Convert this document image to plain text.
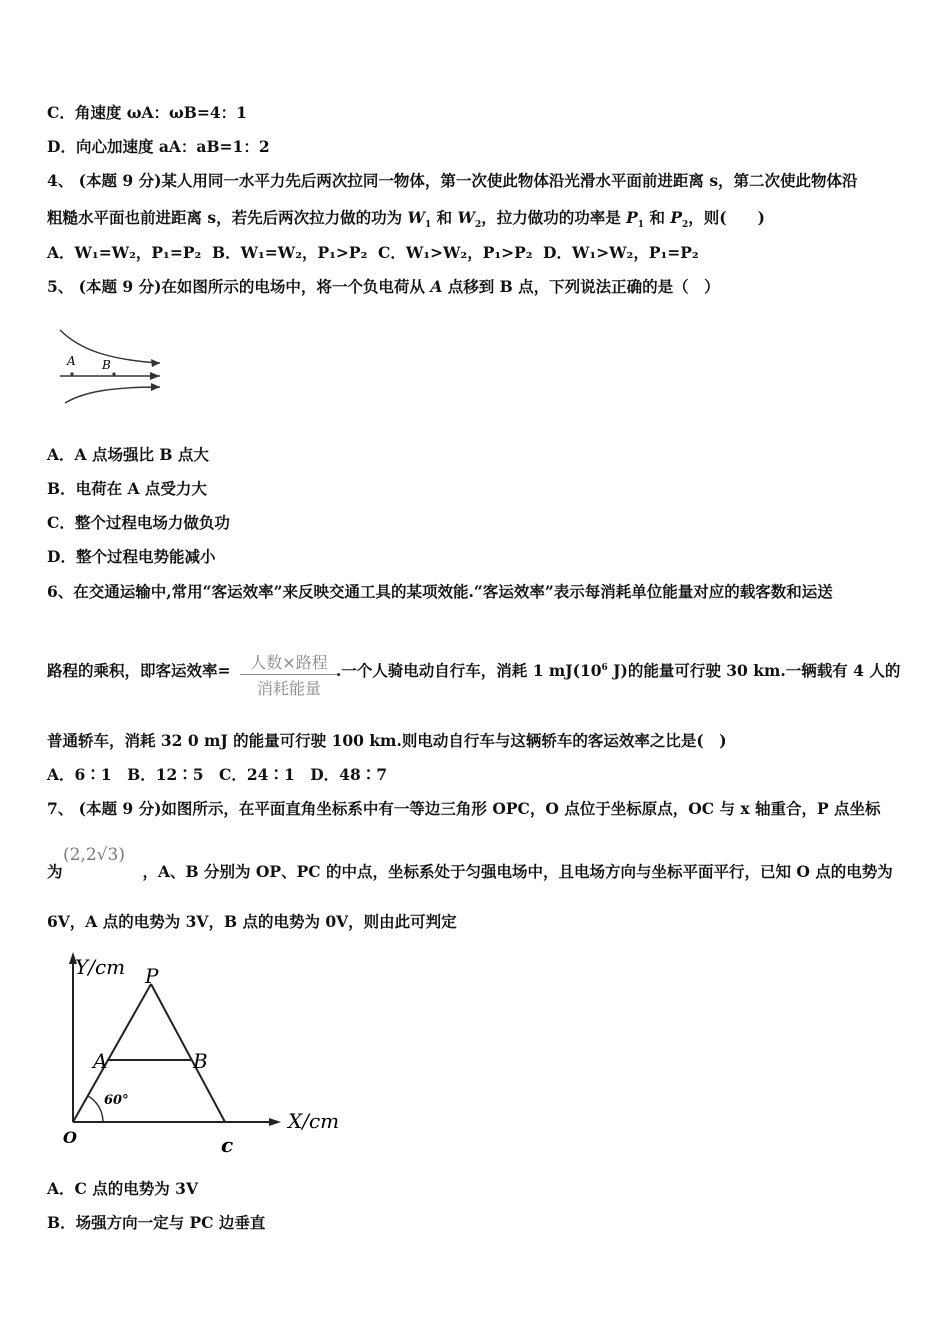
C．角速度 ωA：ωB=4：1
D．向心加速度 aA：aB=1：2
4、 (本题 9 分)某人用同一水平力先后两次拉同一物体，第一次使此物体沿光滑水平面前进距离 s，第二次使此物体沿
粗糙水平面也前进距离 s，若先后两次拉力做的功为 $W_1$ 和 $W_2$，拉力做功的功率是 $P_1$ 和 $P_2$，则(　　)
A．W₁=W₂，P₁=P₂ B．W₁=W₂，P₁>P₂ C．W₁>W₂，P₁>P₂ D．W₁>W₂，P₁=P₂
5、 (本题 9 分)在如图所示的电场中，将一个负电荷从 A 点移到 B 点，下列说法正确的是（　）
A B
A．A 点场强比 B 点大
B．电荷在 A 点受力大
C．整个过程电场力做负功
D．整个过程电势能减小
6、在交通运输中,常用“客运效率”来反映交通工具的某项效能.“客运效率”表示每消耗单位能量对应的载客数和运送
路程的乘积，即客运效率=	.一个人骑电动自行车，消耗 1 $mJ(10^6$ J)的能量可行驶 30 km.一辆载有 4 人的
人数×路程
消耗能量
普通轿车，消耗 32 0 mJ 的能量可行驶 100 km.则电动自行车与这辆轿车的客运效率之比是(　)
A．6∶1　B．12∶5　C．24∶1　D．48∶7
7、 (本题 9 分)如图所示，在平面直角坐标系中有一等边三角形 OPC，O 点位于坐标原点，OC 与 x 轴重合，P 点坐标
为	，A、B 分别为 OP、PC 的中点，坐标系处于匀强电场中，且电场方向与坐标平面平行，已知 O 点的电势为
(2,2√3)
6V，A 点的电势为 3V，B 点的电势为 0V，则由此可判定
Y/cm
X/cm
P
A	B
O	c
60°
A．C 点的电势为 3V
B．场强方向一定与 PC 边垂直
